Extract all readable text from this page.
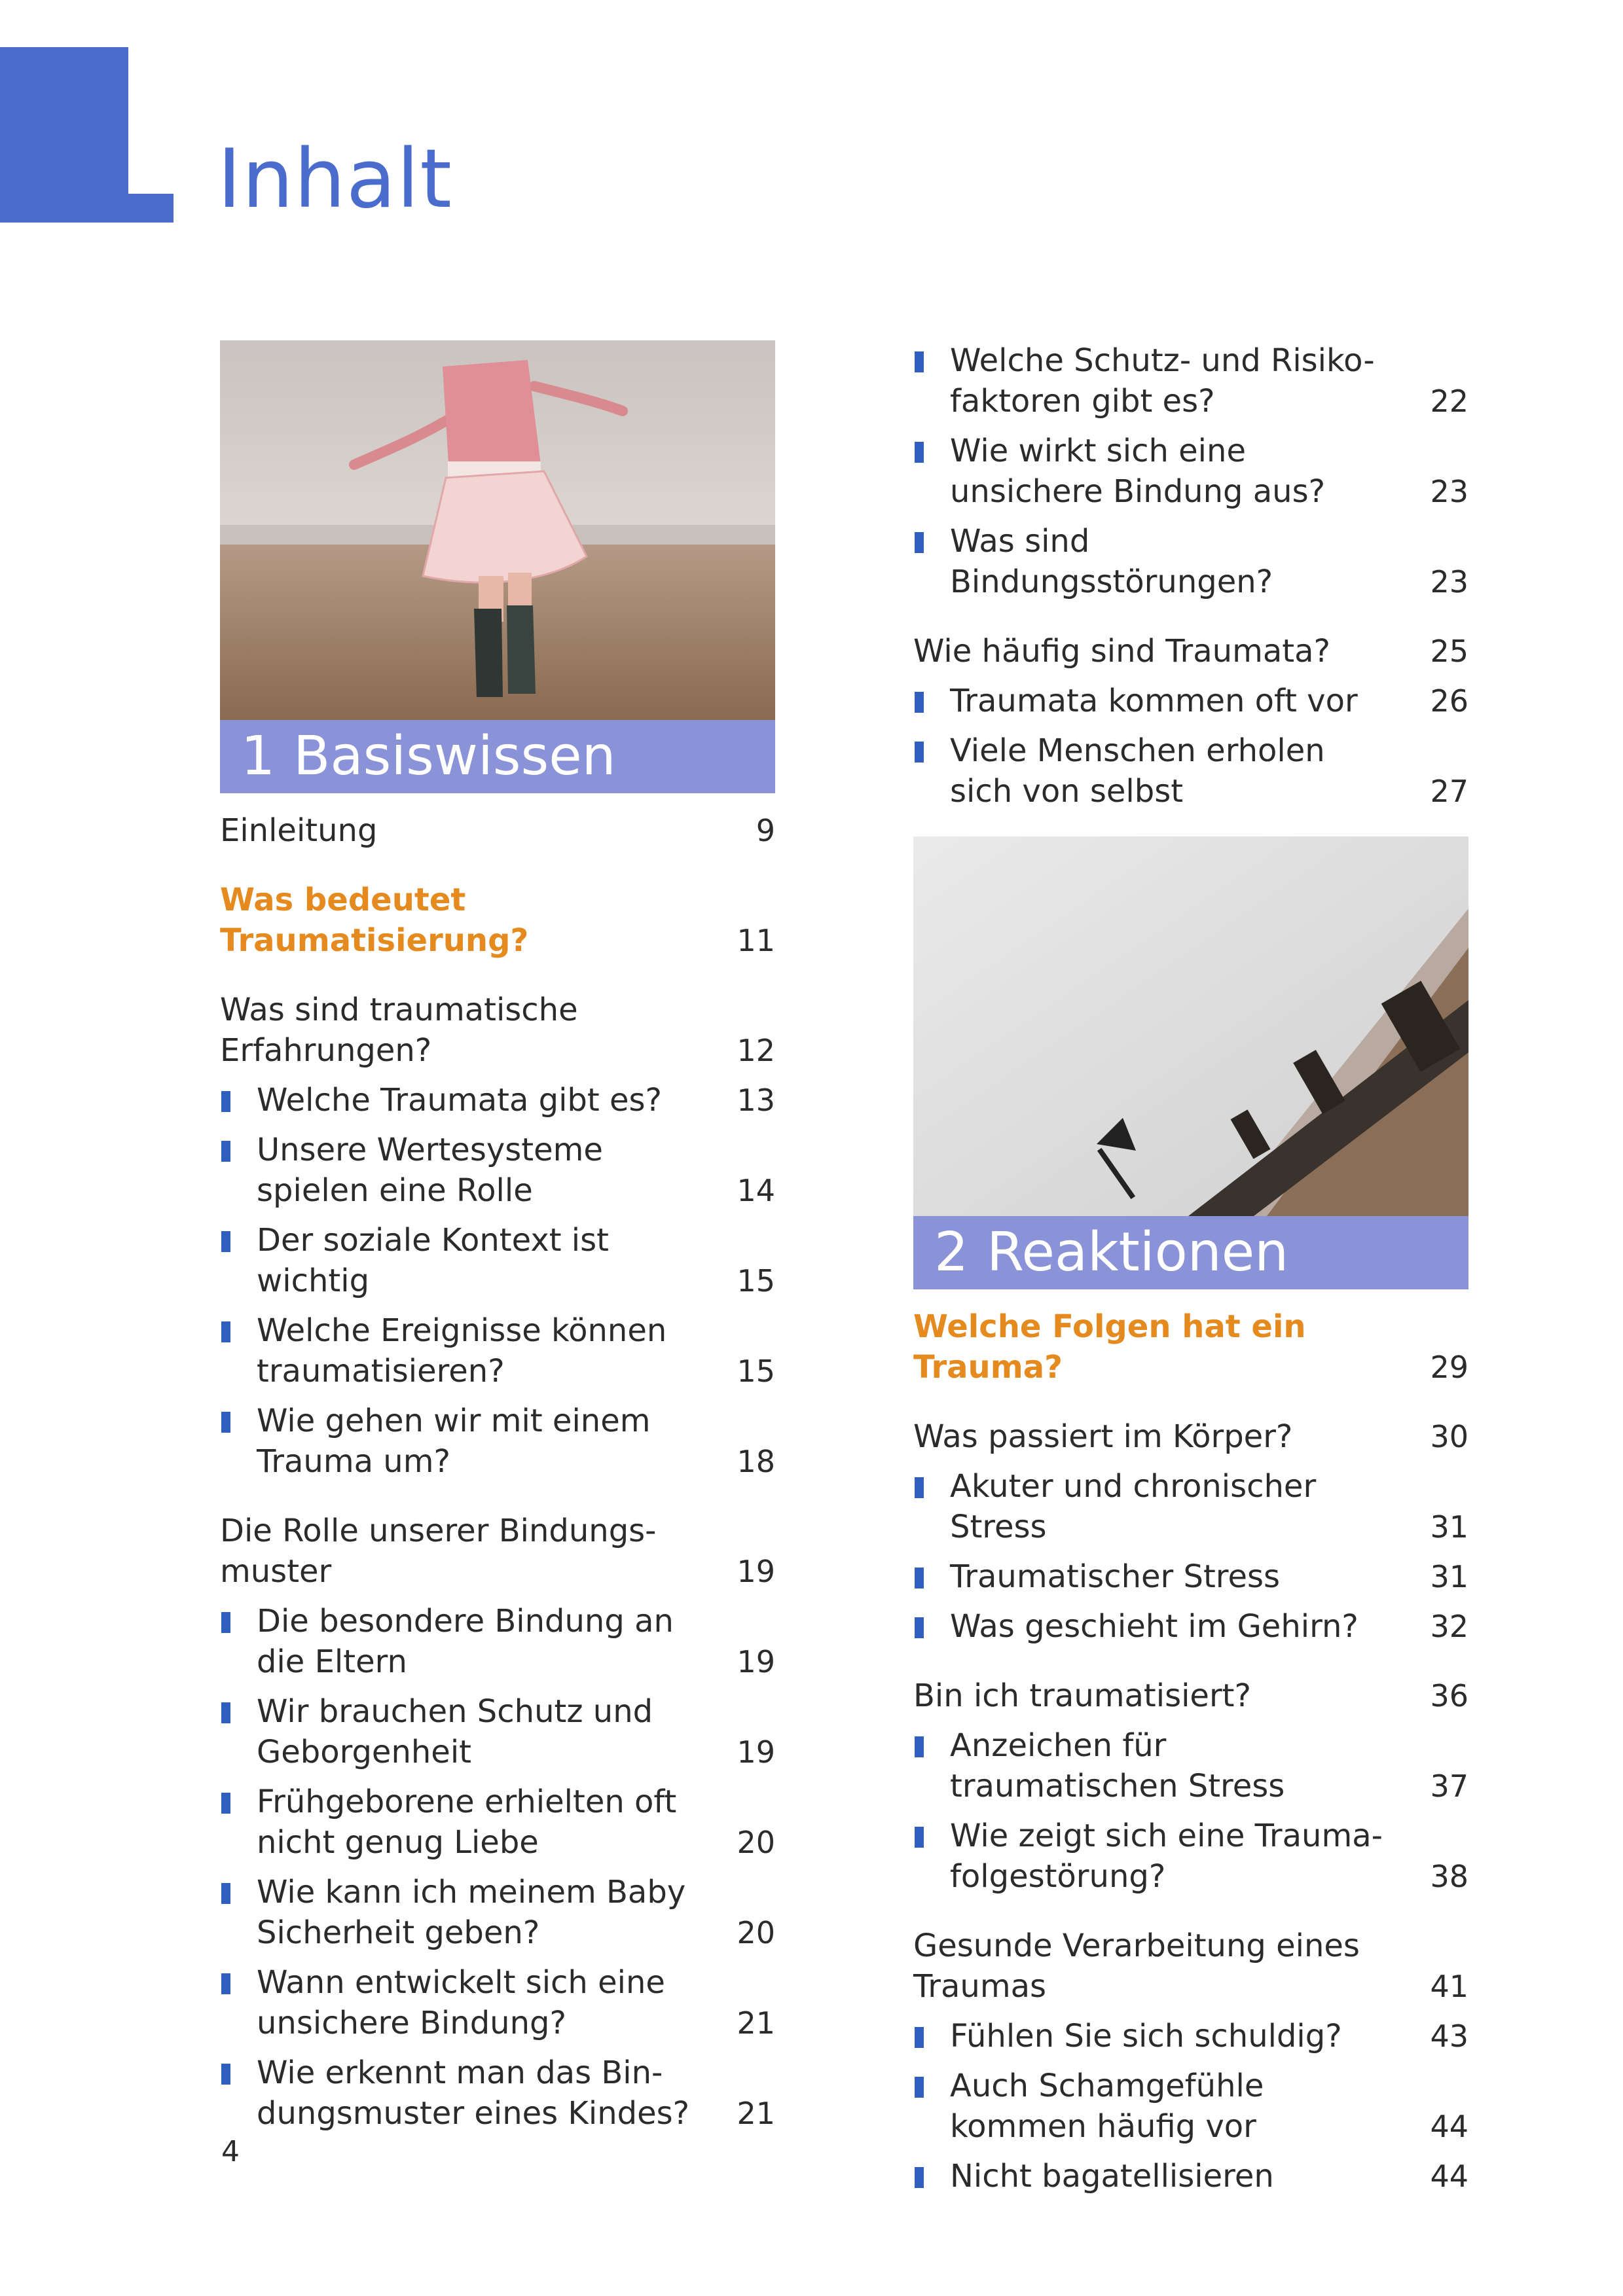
Inhalt
1 Basiswissen
Einleitung	9
Was bedeutet Traumatisierung?	11
Was sind traumatische Erfahrungen?	12
Welche Traumata gibt es?	13
Unsere Wertesysteme spielen eine Rolle	14
Der soziale Kontext ist wichtig	15
Welche Ereignisse können traumatisieren?	15
Wie gehen wir mit einem Trauma um?	18
Die Rolle unserer Bindungs-muster	19
Die besondere Bindung an die Eltern	19
Wir brauchen Schutz und Geborgenheit	19
Frühgeborene erhielten oft nicht genug Liebe	20
Wie kann ich meinem Baby Sicherheit geben?	20
Wann entwickelt sich eine unsichere Bindung?	21
Wie erkennt man das Bin-dungsmuster eines Kindes? 21
Welche Schutz- und Risiko-faktoren gibt es?	22
Wie wirkt sich eine unsichere Bindung aus?	23
Was sind Bindungsstörungen?	23
Wie häufig sind Traumata?	25
Traumata kommen oft vor	26
Viele Menschen erholen sich von selbst	27
2 Reaktionen
Welche Folgen hat ein Trauma?	29
Was passiert im Körper?	30
Akuter und chronischer Stress	31
Traumatischer Stress	31
Was geschieht im Gehirn?	32
Bin ich traumatisiert?	36
Anzeichen für traumatischen Stress	37
Wie zeigt sich eine Trauma-folgestörung?	38
Gesunde Verarbeitung eines Traumas	41
Fühlen Sie sich schuldig?	43
Auch Schamgefühle kommen häufig vor	44
Nicht bagatellisieren	44
4
